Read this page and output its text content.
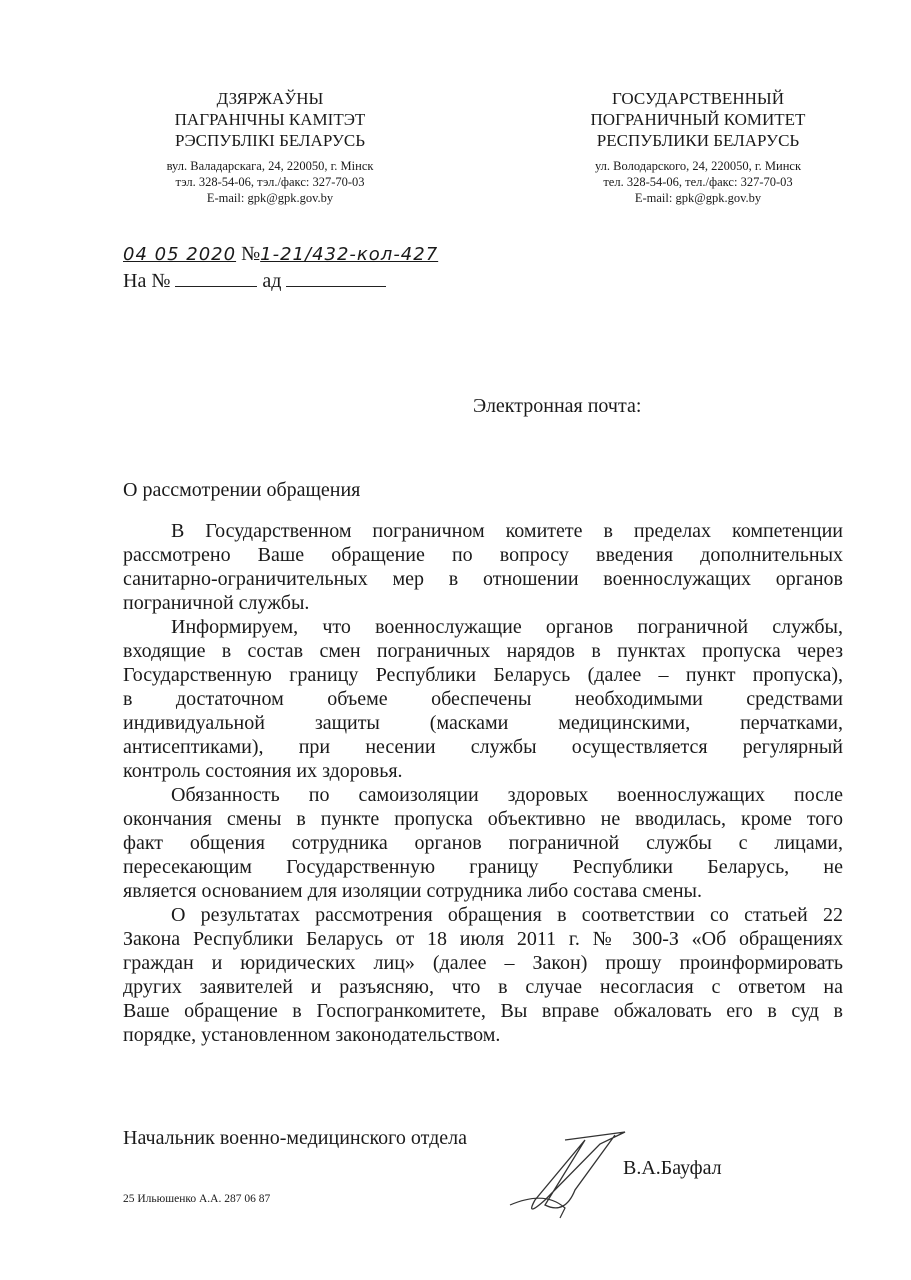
ДЗЯРЖАЎНЫ
ПАГРАНІЧНЫ КАМІТЭТ
РЭСПУБЛІКІ БЕЛАРУСЬ
вул. Валадарскага, 24, 220050, г. Мінск
тэл. 328-54-06, тэл./факс: 327-70-03
E-mail: gpk@gpk.gov.by
ГОСУДАРСТВЕННЫЙ
ПОГРАНИЧНЫЙ КОМИТЕТ
РЕСПУБЛИКИ БЕЛАРУСЬ
ул. Володарского, 24, 220050, г. Минск
тел. 328-54-06, тел./факс: 327-70-03
E-mail: gpk@gpk.gov.by
04 05 2020 №1-21/432-кол-427
На №	ад
Электронная почта:
О рассмотрении обращения
В Государственном пограничном комитете в пределах компетенции
рассмотрено Ваше обращение по вопросу введения дополнительных
санитарно-ограничительных мер в отношении военнослужащих органов
пограничной службы.
Информируем, что военнослужащие органов пограничной службы,
входящие в состав смен пограничных нарядов в пунктах пропуска через
Государственную границу Республики Беларусь (далее – пункт пропуска),
в достаточном объеме обеспечены необходимыми средствами
индивидуальной защиты (масками медицинскими, перчатками,
антисептиками), при несении службы осуществляется регулярный
контроль состояния их здоровья.
Обязанность по самоизоляции здоровых военнослужащих после
окончания смены в пункте пропуска объективно не вводилась, кроме того
факт общения сотрудника органов пограничной службы с лицами,
пересекающим Государственную границу Республики Беларусь, не
является основанием для изоляции сотрудника либо состава смены.
О результатах рассмотрения обращения в соответствии со статьей 22
Закона Республики Беларусь от 18 июля 2011 г. № 300-З «Об обращениях
граждан и юридических лиц» (далее – Закон) прошу проинформировать
других заявителей и разъясняю, что в случае несогласия с ответом на
Ваше обращение в Госпогранкомитете, Вы вправе обжаловать его в суд в
порядке, установленном законодательством.
Начальник военно-медицинского отдела
В.А.Бауфал
25 Ильюшенко А.А. 287 06 87
